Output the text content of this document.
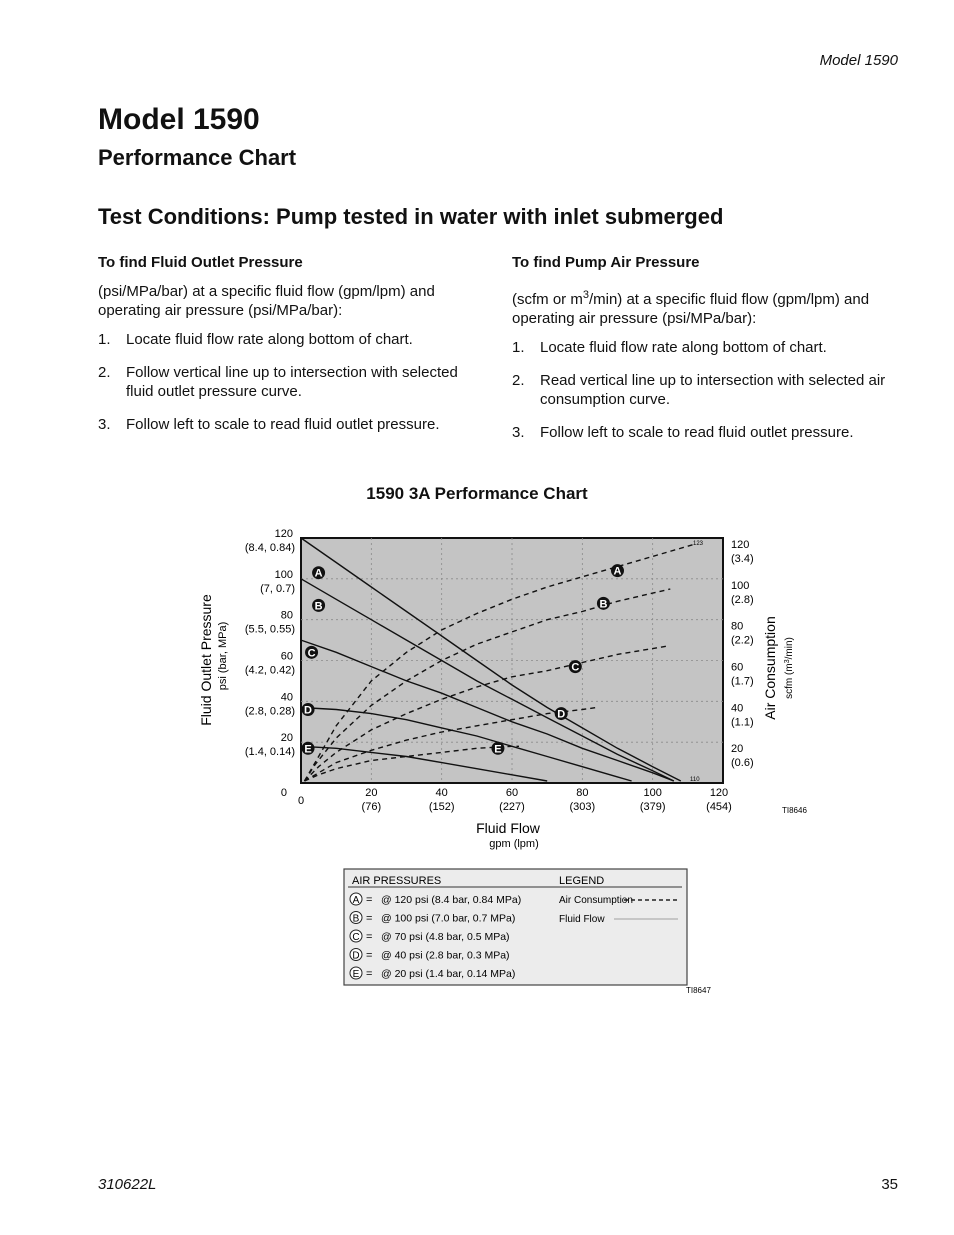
Model 1590
Model 1590
Performance Chart
Test Conditions: Pump tested in water with inlet submerged
To find Fluid Outlet Pressure

(psi/MPa/bar) at a specific fluid flow (gpm/lpm) and operating air pressure (psi/MPa/bar):

1. Locate fluid flow rate along bottom of chart.
2. Follow vertical line up to intersection with selected fluid outlet pressure curve.
3. Follow left to scale to read fluid outlet pressure.
To find Pump Air Pressure

(scfm or $m^3/\min$) at a specific fluid flow (gpm/lpm) and operating air pressure (psi/MPa/bar):

1. Locate fluid flow rate along bottom of chart.
2. Read vertical line up to intersection with selected air consumption curve.
3. Follow left to scale to read fluid outlet pressure.
1590 3A Performance Chart
A
B
C
D
E
A
B
C
D
E
0
20
(1.4, 0.14)
40
(2.8, 0.28)
60
(4.2, 0.42)
80
(5.5, 0.55)
100
(7, 0.7)
120
(8.4, 0.84)
20
(0.6)
40
(1.1)
60
(1.7)
80
(2.2)
100
(2.8)
120
(3.4)
0
20
(76)
40
(152)
60
(227)
80
(303)
100
(379)
120
(454)
123
110
Fluid Outlet Pressure psi (bar, MPa)	Air Consumption scfm $(m^3/\min)$
Fluid Flow
gpm (lpm)
TI8646
AIR PRESSURES	LEGEND
A = @ 120 psi (8.4 bar, 0.84 MPa)
B = @ 100 psi (7.0 bar, 0.7 MPa)
C = @ 70 psi (4.8 bar, 0.5 MPa)
D = @ 40 psi (2.8 bar, 0.3 MPa)
E = @ 20 psi (1.4 bar, 0.14 MPa)
Air Consumption
Fluid Flow
TI8647
310622L	35
